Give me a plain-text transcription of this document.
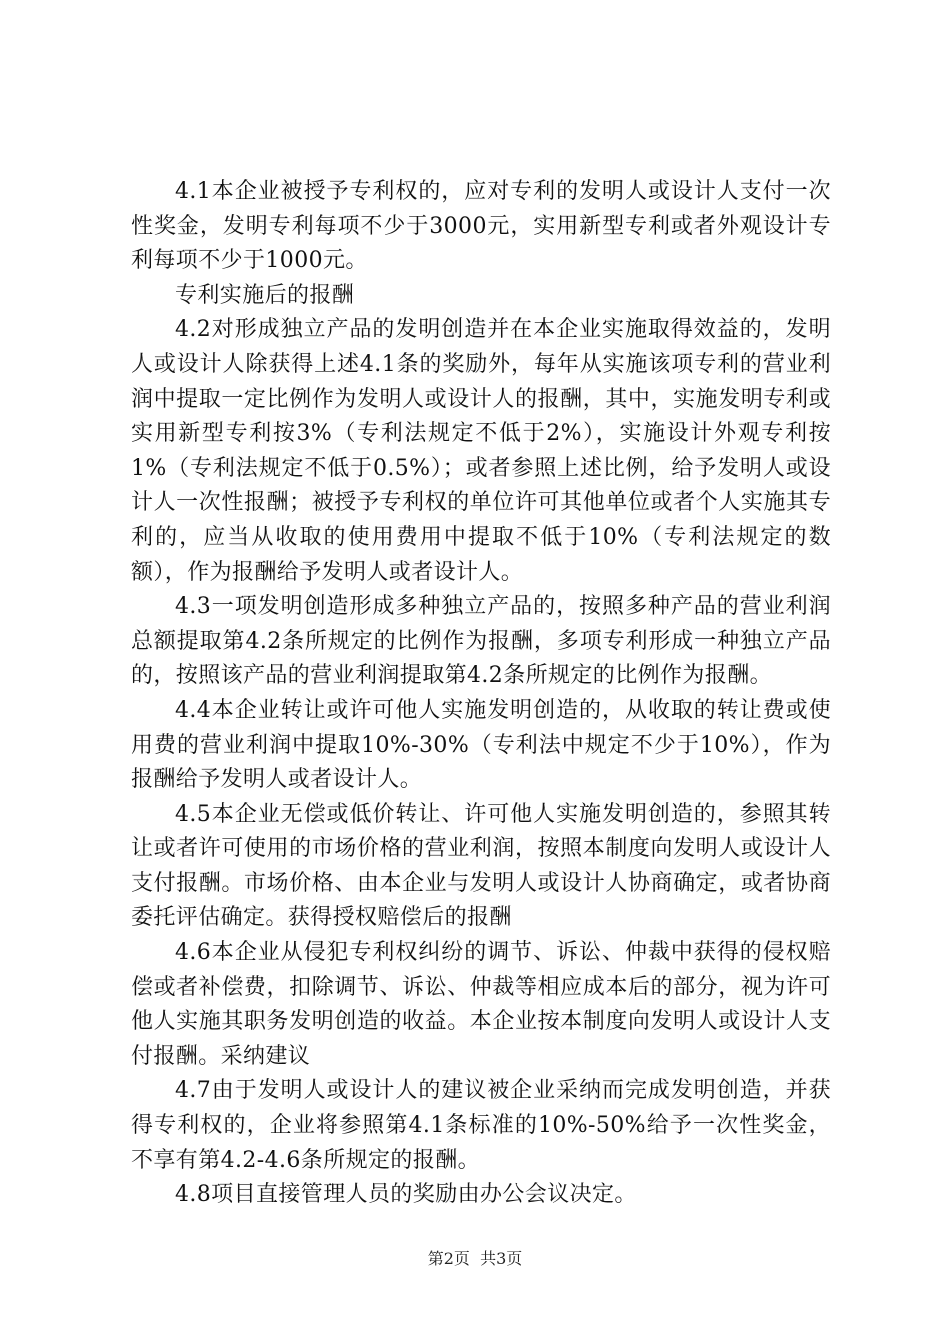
4.1本企业被授予专利权的，应对专利的发明人或设计人支付一次性奖金，发明专利每项不少于3000元，实用新型专利或者外观设计专利每项不少于1000元。

专利实施后的报酬

4.2对形成独立产品的发明创造并在本企业实施取得效益的，发明人或设计人除获得上述4.1条的奖励外，每年从实施该项专利的营业利润中提取一定比例作为发明人或设计人的报酬，其中，实施发明专利或实用新型专利按3%（专利法规定不低于2%），实施设计外观专利按1%（专利法规定不低于0.5%）；或者参照上述比例，给予发明人或设计人一次性报酬；被授予专利权的单位许可其他单位或者个人实施其专利的，应当从收取的使用费用中提取不低于10%（专利法规定的数额），作为报酬给予发明人或者设计人。

4.3一项发明创造形成多种独立产品的，按照多种产品的营业利润总额提取第4.2条所规定的比例作为报酬，多项专利形成一种独立产品的，按照该产品的营业利润提取第4.2条所规定的比例作为报酬。

4.4本企业转让或许可他人实施发明创造的，从收取的转让费或使用费的营业利润中提取10%-30%（专利法中规定不少于10%），作为报酬给予发明人或者设计人。

4.5本企业无偿或低价转让、许可他人实施发明创造的，参照其转让或者许可使用的市场价格的营业利润，按照本制度向发明人或设计人支付报酬。市场价格、由本企业与发明人或设计人协商确定，或者协商委托评估确定。获得授权赔偿后的报酬

4.6本企业从侵犯专利权纠纷的调节、诉讼、仲裁中获得的侵权赔偿或者补偿费，扣除调节、诉讼、仲裁等相应成本后的部分，视为许可他人实施其职务发明创造的收益。本企业按本制度向发明人或设计人支付报酬。采纳建议

4.7由于发明人或设计人的建议被企业采纳而完成发明创造，并获得专利权的，企业将参照第4.1条标准的10%-50%给予一次性奖金，不享有第4.2-4.6条所规定的报酬。

4.8项目直接管理人员的奖励由办公会议决定。

第2页 共3页
